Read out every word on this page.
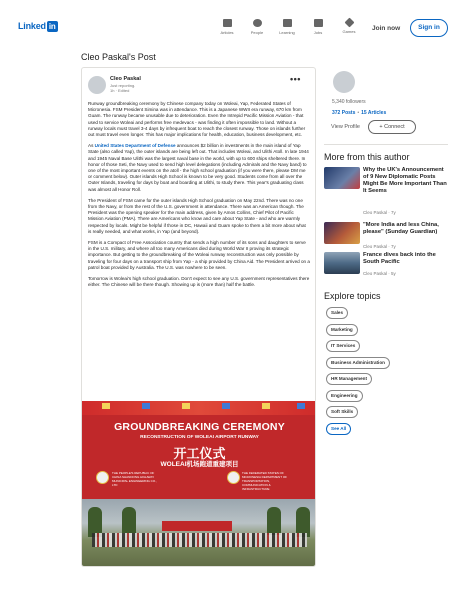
Linked in
Articles	People	Learning	Jobs	Games	Join now	Sign in
Cleo Paskal's Post
Cleo Paskal
Just reporting.
1h · Edited
•••

Runway groundbreaking ceremony by Chinese company today on Woleai, Yap, Federated States of Micronesia. FSM President Simina was in attendance. This is a Japanese WWII era runway, 670 km from Guam. The runway became unusable due to deterioration. Even the Intrepid Pacific Mission Aviation - that used to service Woleai and performs free medevacs - was finding it often impossible to land. Without a runway locals must travel 3-4 days by infrequent boat to reach the closest runway. Those on islands further out must travel even longer. This has major implications for health, education, business development, etc.

As United States Department of Defense announces $2 billion in investments in the main island of Yap State (also called Yap), the outer islands are being left out. That includes Woleai, and Ulithi Atoll. In late 1944 and 1945 Naval Base Ulithi was the largest naval base in the world, with up to 600 ships sheltered there. In honor of those Seti, the Navy used to send high level delegations (including Admirals and the Navy band) to one of the most important events on the atoll - the high school graduation (if you were there, please DM me or comment below). Outer islands High School is known to be very good. Students come from all over the Outer Islands, traveling for days by boat and boarding at Ulithi, to study there. This year's graduating class was almost all Honor Roll.

The President of FSM came for the outer islands High School graduation on May 22nd. There was no one from the Navy, or from the rest of the U.S. government in attendance. There was an American though. The President was the opening speaker for the main address, given by Amos Collins, Chief Pilot of Pacific Mission Aviation (PMA). There are Americans who know and care about Yap State - and who are warmly respected by locals. Might be helpful if those in DC, Hawaii and Guam spoke to them a bit more about what is really needed, and what works, in Yap (and beyond).

FSM is a Compact of Free Association country that sends a high number of its sons and daughters to serve in the U.S. military, and where all too many Americans died during World War II proving its strategic importance. But getting to the groundbreaking of the Woleai runway reconstruction was only possible by traveling for four days on a transport ship from Yap - a ship provided by China Aid. The President arrived on a patrol boat provided by Australia. The U.S. was nowhere to be seen.

Tomorrow is Woleai's high school graduation. Don't expect to see any U.S. government representatives there either. The Chinese will be there though. Showing up is (more than) half the battle.

GROUNDBREAKING CEREMONY
RECONSTRUCTION OF WOLEAI AIRPORT RUNWAY
开工仪式
WOLEAI机场跑道重建项目
THE PEOPLE'S REPUBLIC OF CHINA SHANDONG HIGHWAY MUNICIPAL ENGINEERING CO., LTD
THE FEDERATED STATES OF MICRONESIA DEPARTMENT OF TRANSPORTATION, COMMUNICATION & INFRASTRUCTURE
5,340 followers
372 Posts • 15 Articles
View Profile	+ Connect
More from this author
Why the UK's Announcement of 9 New Diplomatic Posts Might Be More Important Than It Seems
Cleo Paskal · 7y
"More India and less China, please" (Sunday Guardian)
Cleo Paskal · 7y
France dives back into the South Pacific
Cleo Paskal · 5y
Explore topics
Sales
Marketing
IT Services
Business Administration
HR Management
Engineering
Soft Skills
See All
